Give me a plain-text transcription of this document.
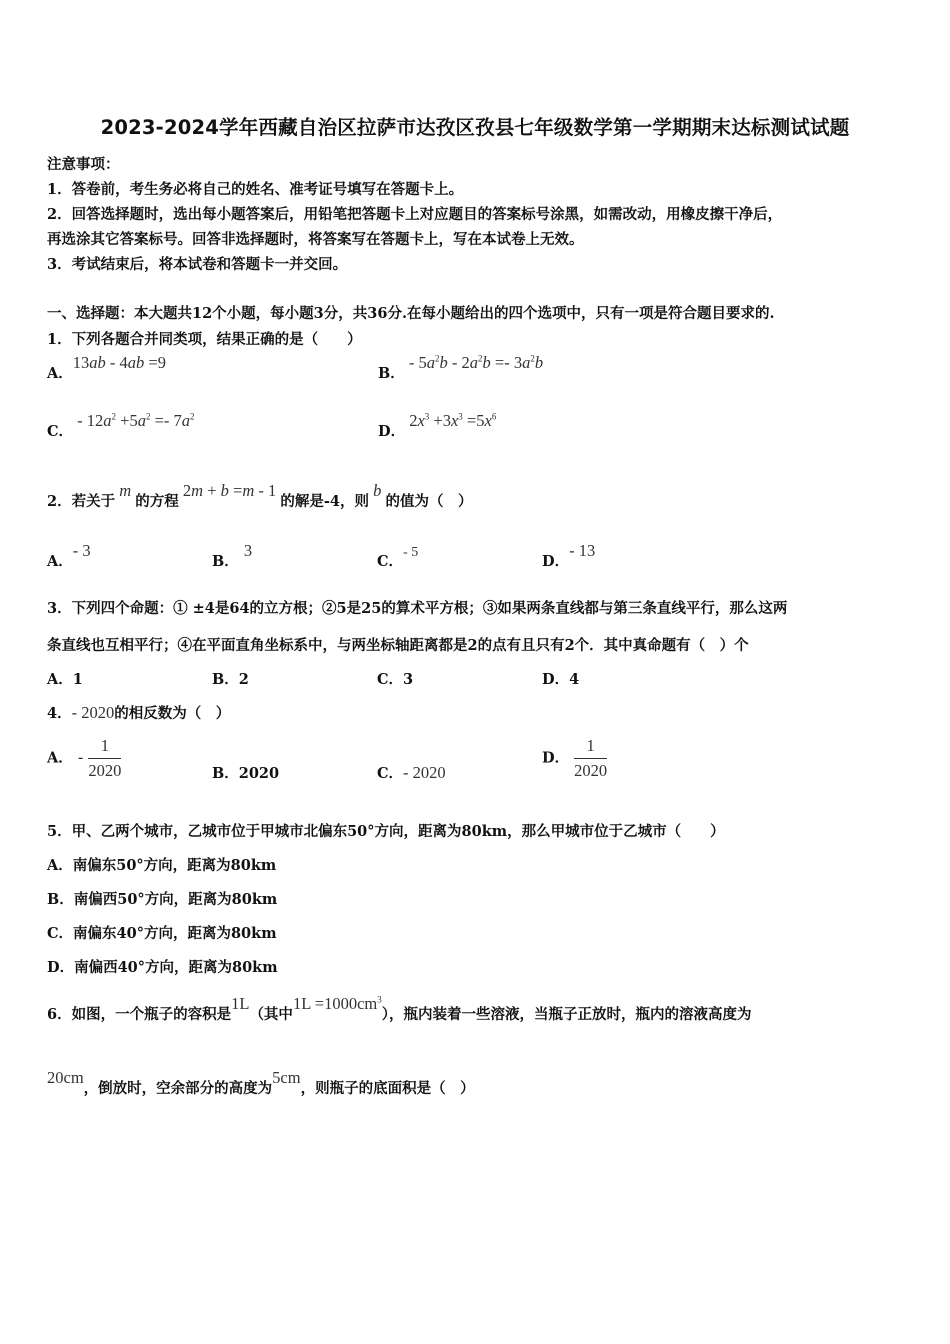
2023-2024学年西藏自治区拉萨市达孜区孜县七年级数学第一学期期末达标测试试题
注意事项：
1．答卷前，考生务必将自己的姓名、准考证号填写在答题卡上。
2．回答选择题时，选出每小题答案后，用铅笔把答题卡上对应题目的答案标号涂黑，如需改动，用橡皮擦干净后，
再选涂其它答案标号。回答非选择题时，将答案写在答题卡上，写在本试卷上无效。
3．考试结束后，将本试卷和答题卡一并交回。
一、选择题：本大题共12个小题，每小题3分，共36分.在每小题给出的四个选项中，只有一项是符合题目要求的.
1．下列各题合并同类项，结果正确的是（　　）
A．13ab - 4ab =9
B． - $5a^2b - 2a^2b =- 3a^2b$
C． - $12a^2 +5a^2 =- 7a^2$
D． $2x^3 +3x^3 =5x^6$
2．若关于 m 的方程 2m + b =m - 1 的解是-4，则 b 的值为（　）
A．- 3
B． 3
C．- 5
D．- 13
3．下列四个命题：① ±4是64的立方根；②5是25的算术平方根；③如果两条直线都与第三条直线平行，那么这两
条直线也互相平行；④在平面直角坐标系中，与两坐标轴距离都是2的点有且只有2个．其中真命题有（　）个
A．1	B．2	C．3	D．4
4．- 2020的相反数为（　）
A． - $\frac{1}{2020}$	B．2020	C．- 2020
D． $\frac{1}{2020}$
5．甲、乙两个城市，乙城市位于甲城市北偏东50°方向，距离为80km，那么甲城市位于乙城市（　　）
A．南偏东50°方向，距离为80km
B．南偏西50°方向，距离为80km
C．南偏东40°方向，距离为80km
D．南偏西40°方向，距离为80km
6．如图，一个瓶子的容积是1L（其中$1L =1000cm^3$），瓶内装着一些溶液，当瓶子正放时，瓶内的溶液高度为
20cm，倒放时，空余部分的高度为5cm，则瓶子的底面积是（　）
